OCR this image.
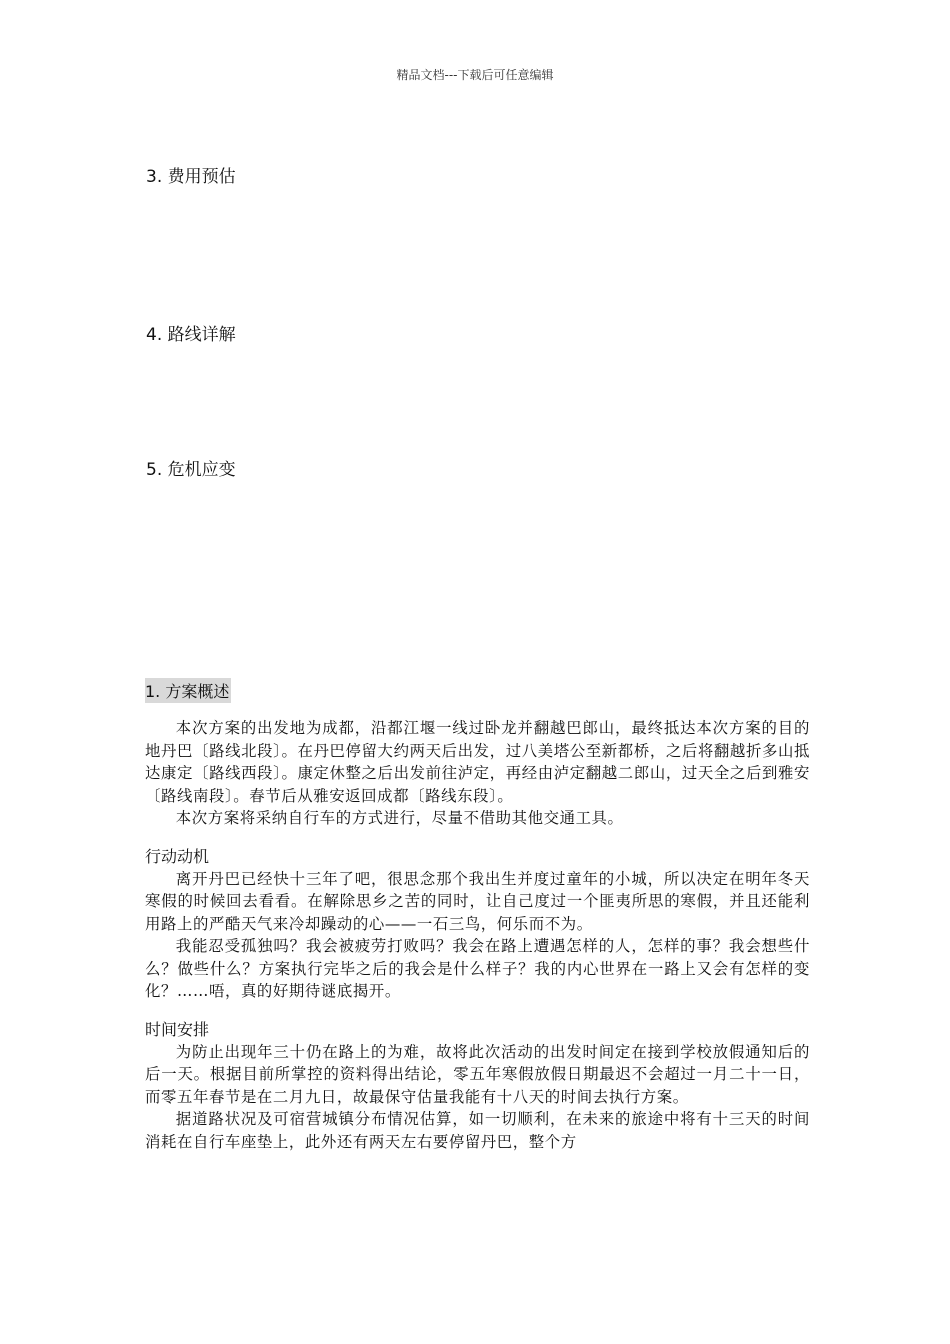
精品文档---下载后可任意编辑
3. 费用预估
4. 路线详解
5. 危机应变
1. 方案概述

本次方案的出发地为成都，沿都江堰一线过卧龙并翻越巴郎山，最终抵达本次方案的目的地丹巴〔路线北段〕。在丹巴停留大约两天后出发，过八美塔公至新都桥，之后将翻越折多山抵达康定〔路线西段〕。康定休整之后出发前往泸定，再经由泸定翻越二郎山，过天全之后到雅安〔路线南段〕。春节后从雅安返回成都〔路线东段〕。

本次方案将采纳自行车的方式进行，尽量不借助其他交通工具。

行动动机

离开丹巴已经快十三年了吧，很思念那个我出生并度过童年的小城，所以决定在明年冬天寒假的时候回去看看。在解除思乡之苦的同时，让自己度过一个匪夷所思的寒假，并且还能利用路上的严酷天气来冷却躁动的心——一石三鸟，何乐而不为。

我能忍受孤独吗？我会被疲劳打败吗？我会在路上遭遇怎样的人，怎样的事？我会想些什么？做些什么？方案执行完毕之后的我会是什么样子？我的内心世界在一路上又会有怎样的变化？……唔，真的好期待谜底揭开。

时间安排

为防止出现年三十仍在路上的为难，故将此次活动的出发时间定在接到学校放假通知后的后一天。根据目前所掌控的资料得出结论，零五年寒假放假日期最迟不会超过一月二十一日，而零五年春节是在二月九日，故最保守估量我能有十八天的时间去执行方案。

据道路状况及可宿营城镇分布情况估算，如一切顺利，在未来的旅途中将有十三天的时间消耗在自行车座垫上，此外还有两天左右要停留丹巴，整个方
